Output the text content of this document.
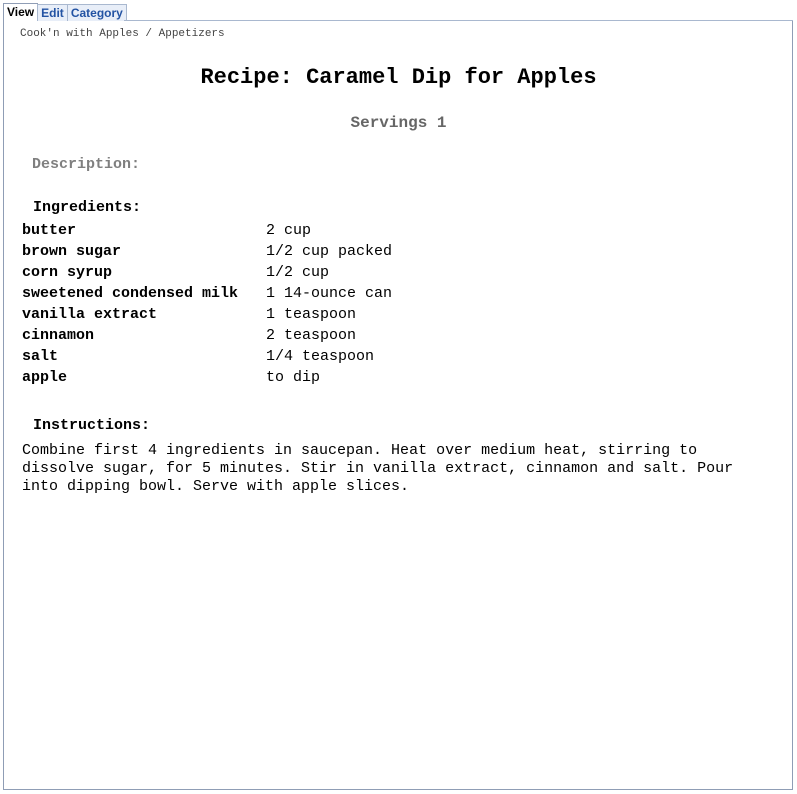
View Edit Category
Cook'n with Apples / Appetizers
Recipe: Caramel Dip for Apples
Servings 1
Description:
Ingredients:
butter	2 cup
brown sugar	1/2 cup packed
corn syrup	1/2 cup
sweetened condensed milk 1 14-ounce can
vanilla extract	1 teaspoon
cinnamon	2 teaspoon
salt	1/4 teaspoon
apple	to dip
Instructions:
Combine first 4 ingredients in saucepan. Heat over medium heat, stirring to dissolve sugar, for 5 minutes. Stir in vanilla extract, cinnamon and salt. Pour into dipping bowl. Serve with apple slices.
